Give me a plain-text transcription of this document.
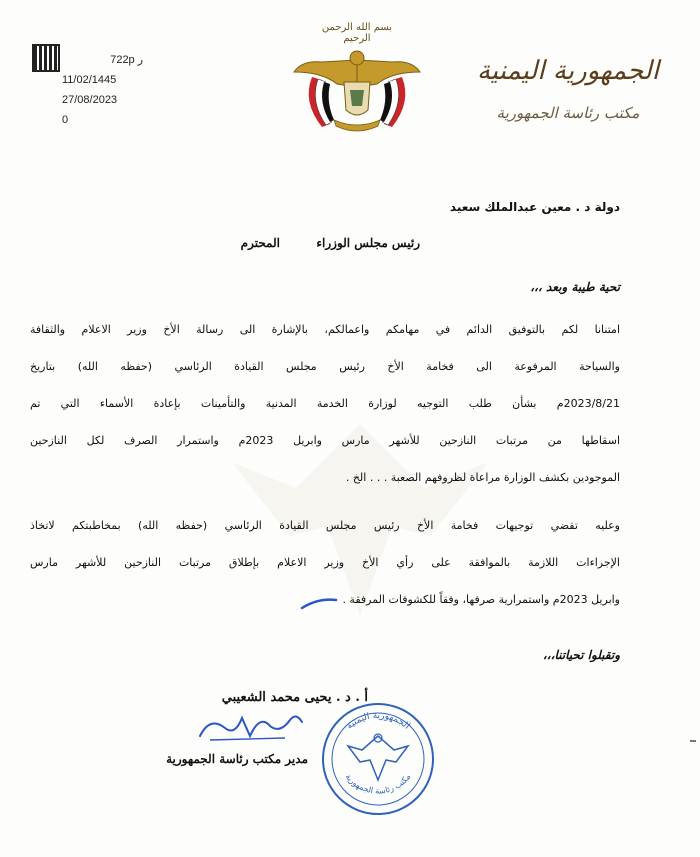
ر 722p
11/02/1445
27/08/2023
0
بسم الله الرحمن الرحيم
الجمهورية اليمنية
مكتب رئاسة الجمهورية
دولة د . معين عبدالملك سعيد
رئيس مجلس الوزراء
المحترم
تحية طيبة وبعد ،،،
امتنانا لكم بالتوفيق الدائم في مهامكم واعمالكم، بالإشارة الى رسالة الأخ وزير الاعلام والثقافة
والسياحة المرفوعة الى فخامة الأخ رئيس مجلس القيادة الرئاسي (حفظه الله) بتاريخ
2023/8/21م بشأن طلب التوجيه لوزارة الخدمة المدنية والتأمينات بإعادة الأسماء التي تم
اسقاطها من مرتبات النازحين للأشهر مارس وابريل 2023م واستمرار الصرف لكل النازحين
الموجودين بكشف الوزارة مراعاة لظروفهم الصعبة . . . الخ .
وعليه تقضي توجيهات فخامة الأخ رئيس مجلس القيادة الرئاسي (حفظه الله) بمخاطبتكم لاتخاذ
الإجراءات اللازمة بالموافقة على رأي الأخ وزير الاعلام بإطلاق مرتبات النازحين للأشهر مارس
وابريل 2023م واستمرارية صرفها، وفقاً للكشوفات المرفقة .
وتقبلوا تحياتنا،،،
أ . د . يحيى محمد الشعيبي
مدير مكتب رئاسة الجمهورية
الجمهورية اليمنية
مكتب رئاسة الجمهورية
